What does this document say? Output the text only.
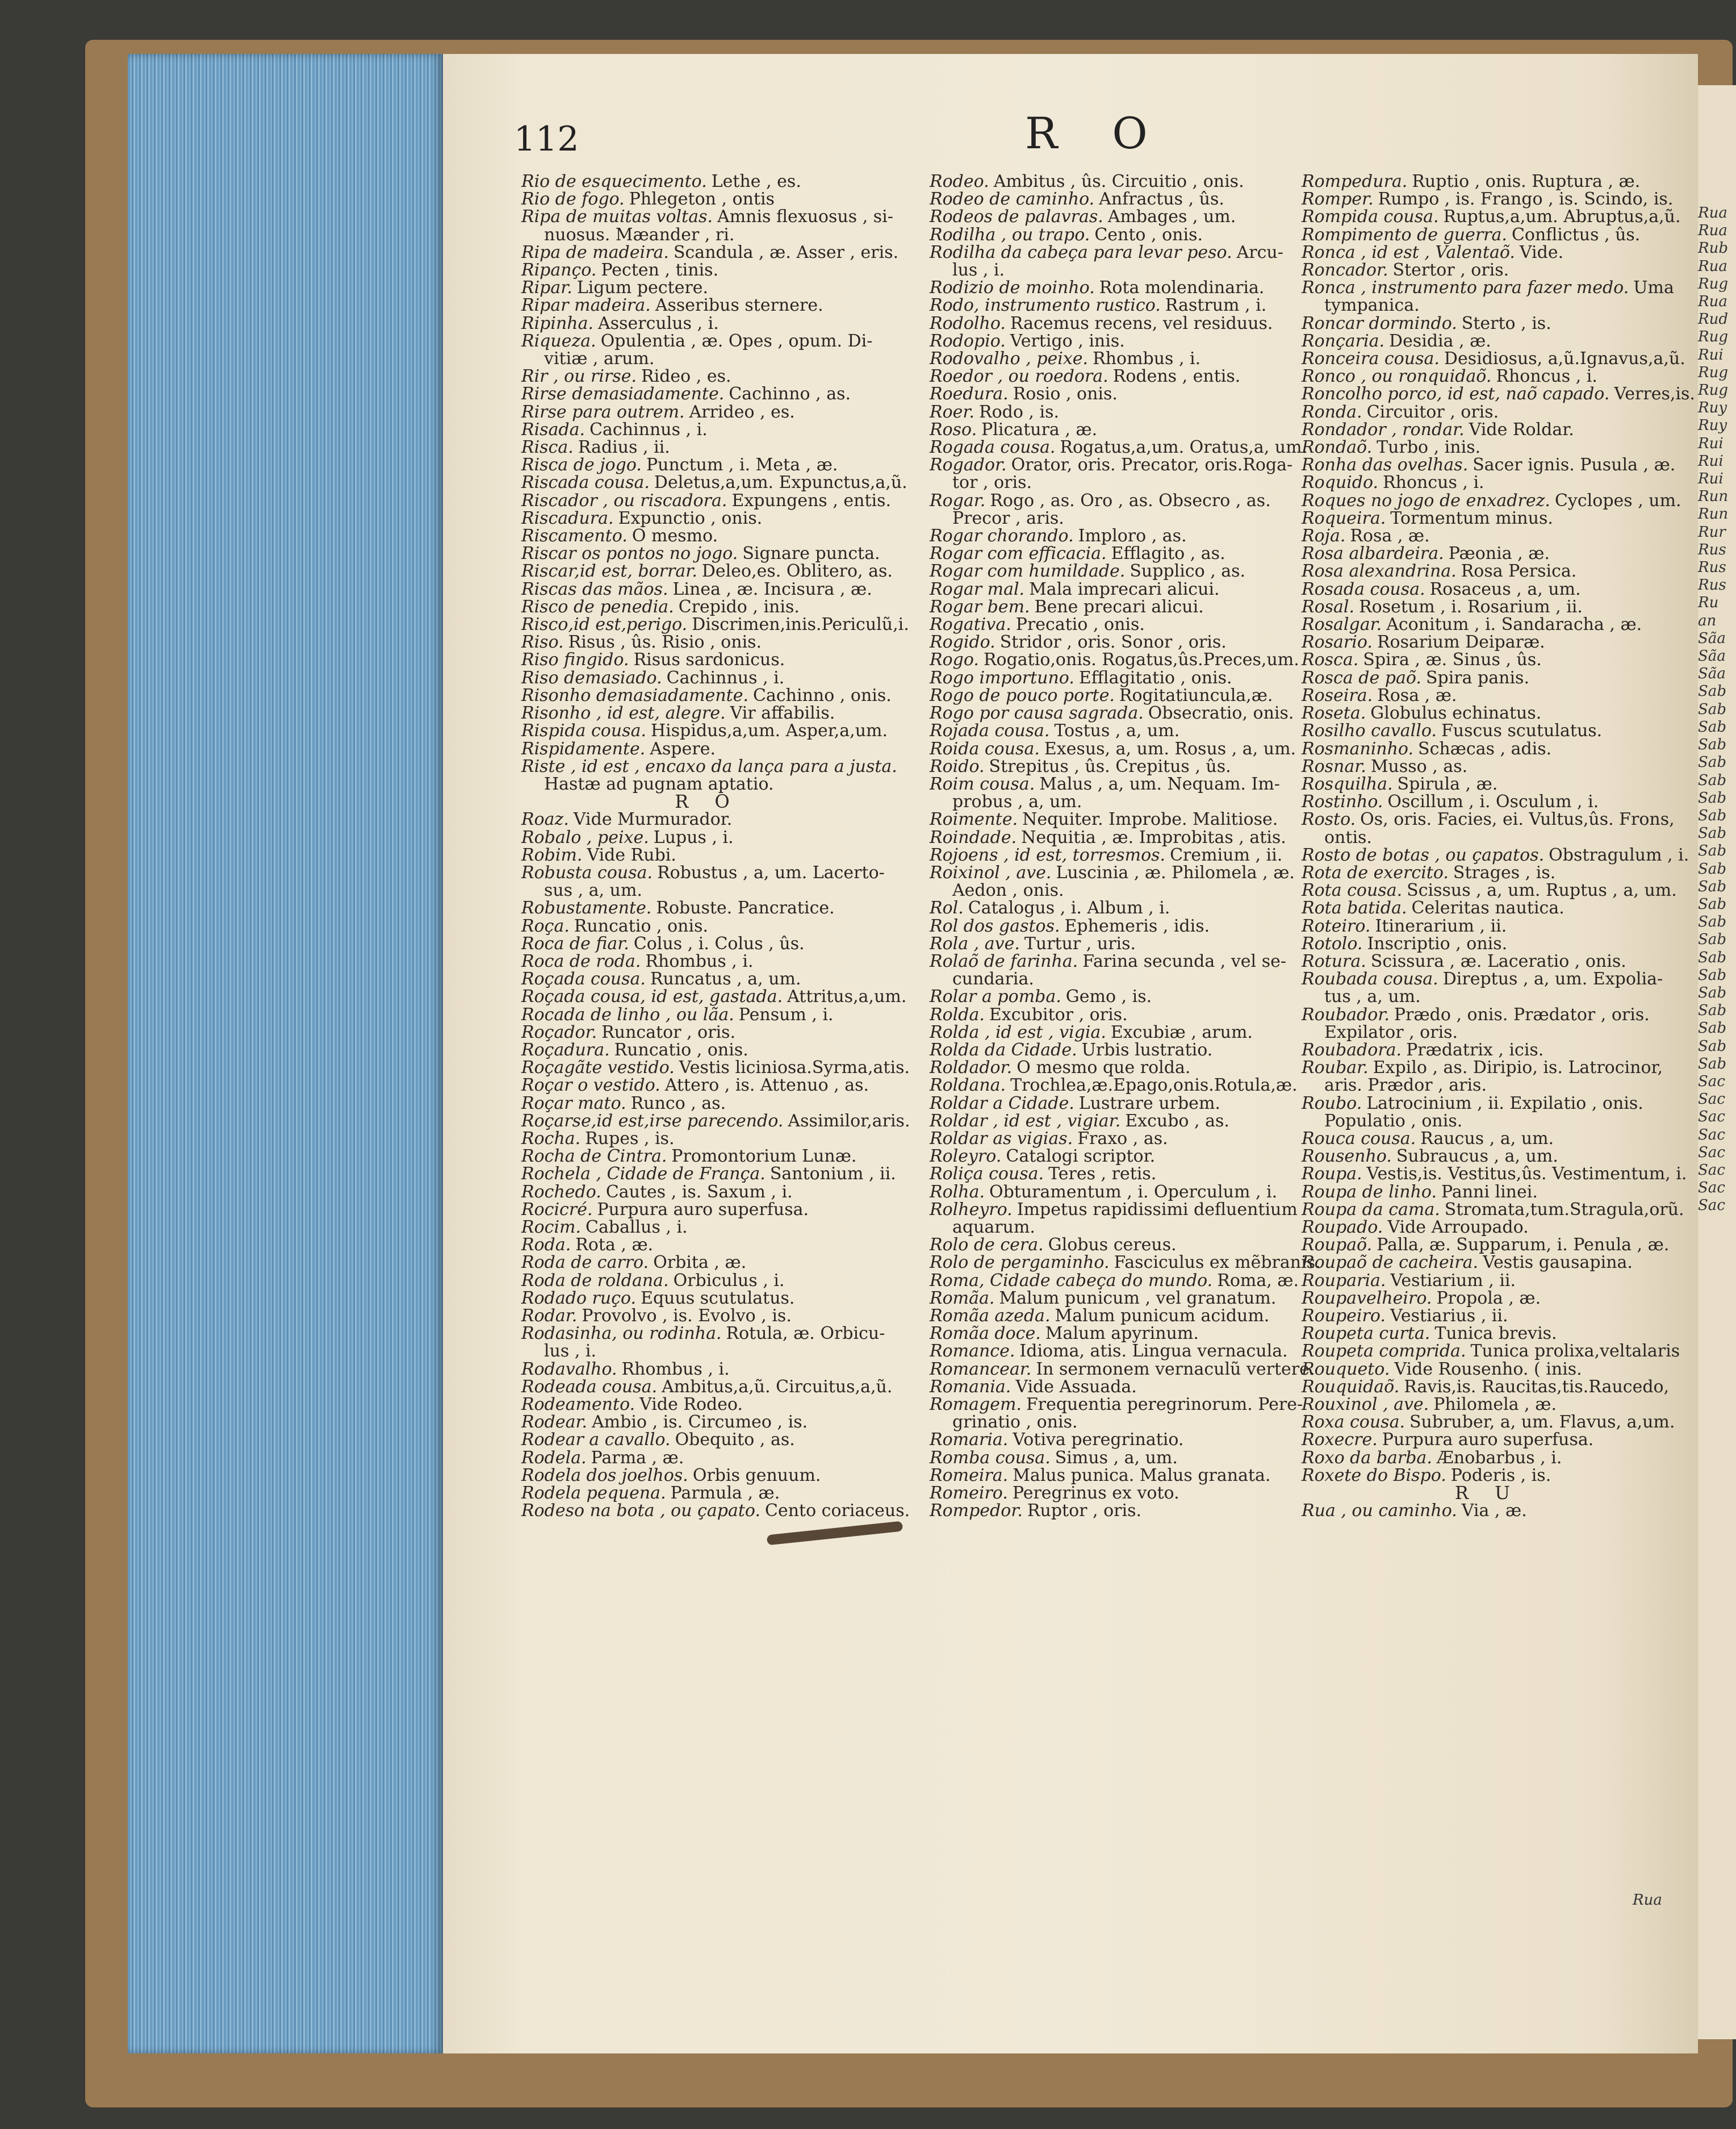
112	R O
Rio de esquecimento. Lethe , es.
Rio de fogo. Phlegeton , ontis
Ripa de muitas voltas. Amnis flexuosus , si-
nuosus. Mæander , ri.
Ripa de madeira. Scandula , æ. Asser , eris.
Ripanço. Pecten , tinis.
Ripar. Ligum pectere.
Ripar madeira. Asseribus sternere.
Ripinha. Asserculus , i.
Riqueza. Opulentia , æ. Opes , opum. Di-
vitiæ , arum.
Rir , ou rirse. Rideo , es.
Rirse demasiadamente. Cachinno , as.
Rirse para outrem. Arrideo , es.
Risada. Cachinnus , i.
Risca. Radius , ii.
Risca de jogo. Punctum , i. Meta , æ.
Riscada cousa. Deletus,a,um. Expunctus,a,ũ.
Riscador , ou riscadora. Expungens , entis.
Riscadura. Expunctio , onis.
Riscamento. O mesmo.
Riscar os pontos no jogo. Signare puncta.
Riscar,id est, borrar. Deleo,es. Oblitero, as.
Riscas das mãos. Linea , æ. Incisura , æ.
Risco de penedia. Crepido , inis.
Risco,id est,perigo. Discrimen,inis.Periculũ,i.
Riso. Risus , ûs. Risio , onis.
Riso fingido. Risus sardonicus.
Riso demasiado. Cachinnus , i.
Risonho demasiadamente. Cachinno , onis.
Risonho , id est, alegre. Vir affabilis.
Rispida cousa. Hispidus,a,um. Asper,a,um.
Rispidamente. Aspere.
Riste , id est , encaxo da lança para a justa.
Hastæ ad pugnam aptatio.
R O
Roaz. Vide Murmurador.
Robalo , peixe. Lupus , i.
Robim. Vide Rubi.
Robusta cousa. Robustus , a, um. Lacerto-
sus , a, um.
Robustamente. Robuste. Pancratice.
Roça. Runcatio , onis.
Roca de fiar. Colus , i. Colus , ûs.
Roca de roda. Rhombus , i.
Roçada cousa. Runcatus , a, um.
Roçada cousa, id est, gastada. Attritus,a,um.
Rocada de linho , ou lãa. Pensum , i.
Roçador. Runcator , oris.
Roçadura. Runcatio , onis.
Roçagãte vestido. Vestis liciniosa.Syrma,atis.
Roçar o vestido. Attero , is. Attenuo , as.
Roçar mato. Runco , as.
Roçarse,id est,irse parecendo. Assimilor,aris.
Rocha. Rupes , is.
Rocha de Cintra. Promontorium Lunæ.
Rochela , Cidade de França. Santonium , ii.
Rochedo. Cautes , is. Saxum , i.
Rocicré. Purpura auro superfusa.
Rocim. Caballus , i.
Roda. Rota , æ.
Roda de carro. Orbita , æ.
Roda de roldana. Orbiculus , i.
Rodado ruço. Equus scutulatus.
Rodar. Provolvo , is. Evolvo , is.
Rodasinha, ou rodinha. Rotula, æ. Orbicu-
lus , i.
Rodavalho. Rhombus , i.
Rodeada cousa. Ambitus,a,ũ. Circuitus,a,ũ.
Rodeamento. Vide Rodeo.
Rodear. Ambio , is. Circumeo , is.
Rodear a cavallo. Obequito , as.
Rodela. Parma , æ.
Rodela dos joelhos. Orbis genuum.
Rodela pequena. Parmula , æ.
Rodeso na bota , ou çapato. Cento coriaceus.
Rodeo. Ambitus , ûs. Circuitio , onis.
Rodeo de caminho. Anfractus , ûs.
Rodeos de palavras. Ambages , um.
Rodilha , ou trapo. Cento , onis.
Rodilha da cabeça para levar peso. Arcu-
lus , i.
Rodizio de moinho. Rota molendinaria.
Rodo, instrumento rustico. Rastrum , i.
Rodolho. Racemus recens, vel residuus.
Rodopio. Vertigo , inis.
Rodovalho , peixe. Rhombus , i.
Roedor , ou roedora. Rodens , entis.
Roedura. Rosio , onis.
Roer. Rodo , is.
Roso. Plicatura , æ.
Rogada cousa. Rogatus,a,um. Oratus,a, um.
Rogador. Orator, oris. Precator, oris.Roga-
tor , oris.
Rogar. Rogo , as. Oro , as. Obsecro , as.
Precor , aris.
Rogar chorando. Imploro , as.
Rogar com efficacia. Efflagito , as.
Rogar com humildade. Supplico , as.
Rogar mal. Mala imprecari alicui.
Rogar bem. Bene precari alicui.
Rogativa. Precatio , onis.
Rogido. Stridor , oris. Sonor , oris.
Rogo. Rogatio,onis. Rogatus,ûs.Preces,um.
Rogo importuno. Efflagitatio , onis.
Rogo de pouco porte. Rogitatiuncula,æ.
Rogo por causa sagrada. Obsecratio, onis.
Rojada cousa. Tostus , a, um.
Roida cousa. Exesus, a, um. Rosus , a, um.
Roido. Strepitus , ûs. Crepitus , ûs.
Roim cousa. Malus , a, um. Nequam. Im-
probus , a, um.
Roimente. Nequiter. Improbe. Malitiose.
Roindade. Nequitia , æ. Improbitas , atis.
Rojoens , id est, torresmos. Cremium , ii.
Roixinol , ave. Luscinia , æ. Philomela , æ.
Aedon , onis.
Rol. Catalogus , i. Album , i.
Rol dos gastos. Ephemeris , idis.
Rola , ave. Turtur , uris.
Rolaõ de farinha. Farina secunda , vel se-
cundaria.
Rolar a pomba. Gemo , is.
Rolda. Excubitor , oris.
Rolda , id est , vigia. Excubiæ , arum.
Rolda da Cidade. Urbis lustratio.
Roldador. O mesmo que rolda.
Roldana. Trochlea,æ.Epago,onis.Rotula,æ.
Roldar a Cidade. Lustrare urbem.
Roldar , id est , vigiar. Excubo , as.
Roldar as vigias. Fraxo , as.
Roleyro. Catalogi scriptor.
Roliça cousa. Teres , retis.
Rolha. Obturamentum , i. Operculum , i.
Rolheyro. Impetus rapidissimi defluentium
aquarum.
Rolo de cera. Globus cereus.
Rolo de pergaminho. Fasciculus ex mẽbranis.
Roma, Cidade cabeça do mundo. Roma, æ.
Romãa. Malum punicum , vel granatum.
Romãa azeda. Malum punicum acidum.
Romãa doce. Malum apyrinum.
Romance. Idioma, atis. Lingua vernacula.
Romancear. In sermonem vernaculũ vertere.
Romania. Vide Assuada.
Romagem. Frequentia peregrinorum. Pere-
grinatio , onis.
Romaria. Votiva peregrinatio.
Romba cousa. Simus , a, um.
Romeira. Malus punica. Malus granata.
Romeiro. Peregrinus ex voto.
Rompedor. Ruptor , oris.
Rompedura. Ruptio , onis. Ruptura , æ.
Romper. Rumpo , is. Frango , is. Scindo, is.
Rompida cousa. Ruptus,a,um. Abruptus,a,ũ.
Rompimento de guerra. Conflictus , ûs.
Ronca , id est , Valentaõ. Vide.
Roncador. Stertor , oris.
Ronca , instrumento para fazer medo. Uma
tympanica.
Roncar dormindo. Sterto , is.
Ronçaria. Desidia , æ.
Ronceira cousa. Desidiosus, a,ũ.Ignavus,a,ũ.
Ronco , ou ronquidaõ. Rhoncus , i.
Roncolho porco, id est, naõ capado. Verres,is.
Ronda. Circuitor , oris.
Rondador , rondar. Vide Roldar.
Rondaõ. Turbo , inis.
Ronha das ovelhas. Sacer ignis. Pusula , æ.
Roquido. Rhoncus , i.
Roques no jogo de enxadrez. Cyclopes , um.
Roqueira. Tormentum minus.
Roja. Rosa , æ.
Rosa albardeira. Pæonia , æ.
Rosa alexandrina. Rosa Persica.
Rosada cousa. Rosaceus , a, um.
Rosal. Rosetum , i. Rosarium , ii.
Rosalgar. Aconitum , i. Sandaracha , æ.
Rosario. Rosarium Deiparæ.
Rosca. Spira , æ. Sinus , ûs.
Rosca de paõ. Spira panis.
Roseira. Rosa , æ.
Roseta. Globulus echinatus.
Rosilho cavallo. Fuscus scutulatus.
Rosmaninho. Schæcas , adis.
Rosnar. Musso , as.
Rosquilha. Spirula , æ.
Rostinho. Oscillum , i. Osculum , i.
Rosto. Os, oris. Facies, ei. Vultus,ûs. Frons,
ontis.
Rosto de botas , ou çapatos. Obstragulum , i.
Rota de exercito. Strages , is.
Rota cousa. Scissus , a, um. Ruptus , a, um.
Rota batida. Celeritas nautica.
Roteiro. Itinerarium , ii.
Rotolo. Inscriptio , onis.
Rotura. Scissura , æ. Laceratio , onis.
Roubada cousa. Direptus , a, um. Expolia-
tus , a, um.
Roubador. Prædo , onis. Prædator , oris.
Expilator , oris.
Roubadora. Prædatrix , icis.
Roubar. Expilo , as. Diripio, is. Latrocinor,
aris. Prædor , aris.
Roubo. Latrocinium , ii. Expilatio , onis.
Populatio , onis.
Rouca cousa. Raucus , a, um.
Rousenho. Subraucus , a, um.
Roupa. Vestis,is. Vestitus,ûs. Vestimentum, i.
Roupa de linho. Panni linei.
Roupa da cama. Stromata,tum.Stragula,orũ.
Roupado. Vide Arroupado.
Roupaõ. Palla, æ. Supparum, i. Penula , æ.
Roupaõ de cacheira. Vestis gausapina.
Rouparia. Vestiarium , ii.
Roupavelheiro. Propola , æ.
Roupeiro. Vestiarius , ii.
Roupeta curta. Tunica brevis.
Roupeta comprida. Tunica prolixa,veltalaris
Rouqueto. Vide Rousenho. ( inis.
Rouquidaõ. Ravis,is. Raucitas,tis.Raucedo,
Rouxinol , ave. Philomela , æ.
Roxa cousa. Subruber, a, um. Flavus, a,um.
Roxecre. Purpura auro superfusa.
Roxo da barba. Ænobarbus , i.
Roxete do Bispo. Poderis , is.
R U
Rua , ou caminho. Via , æ.
Rua
Rua
Rub
Rua
Rug
Rua
Rud
Rug
Rui
Rug
Rug
Ruy
Ruy
Rui
Rui
Rui
Run
Run
Rur
Rus
Rus
Rus
Ru
an
Sãa
Sãa
Sãa
Sab
Sab
Sab
Sab
Sab
Sab
Sab
Sab
Sab
Sab
Sab
Sab
Sab
Sab
Sab
Sab
Sab
Sab
Sab
Sab
Sab
Sab
Sac
Sac
Sac
Sac
Sac
Sac
Sac
Sac
Rua
